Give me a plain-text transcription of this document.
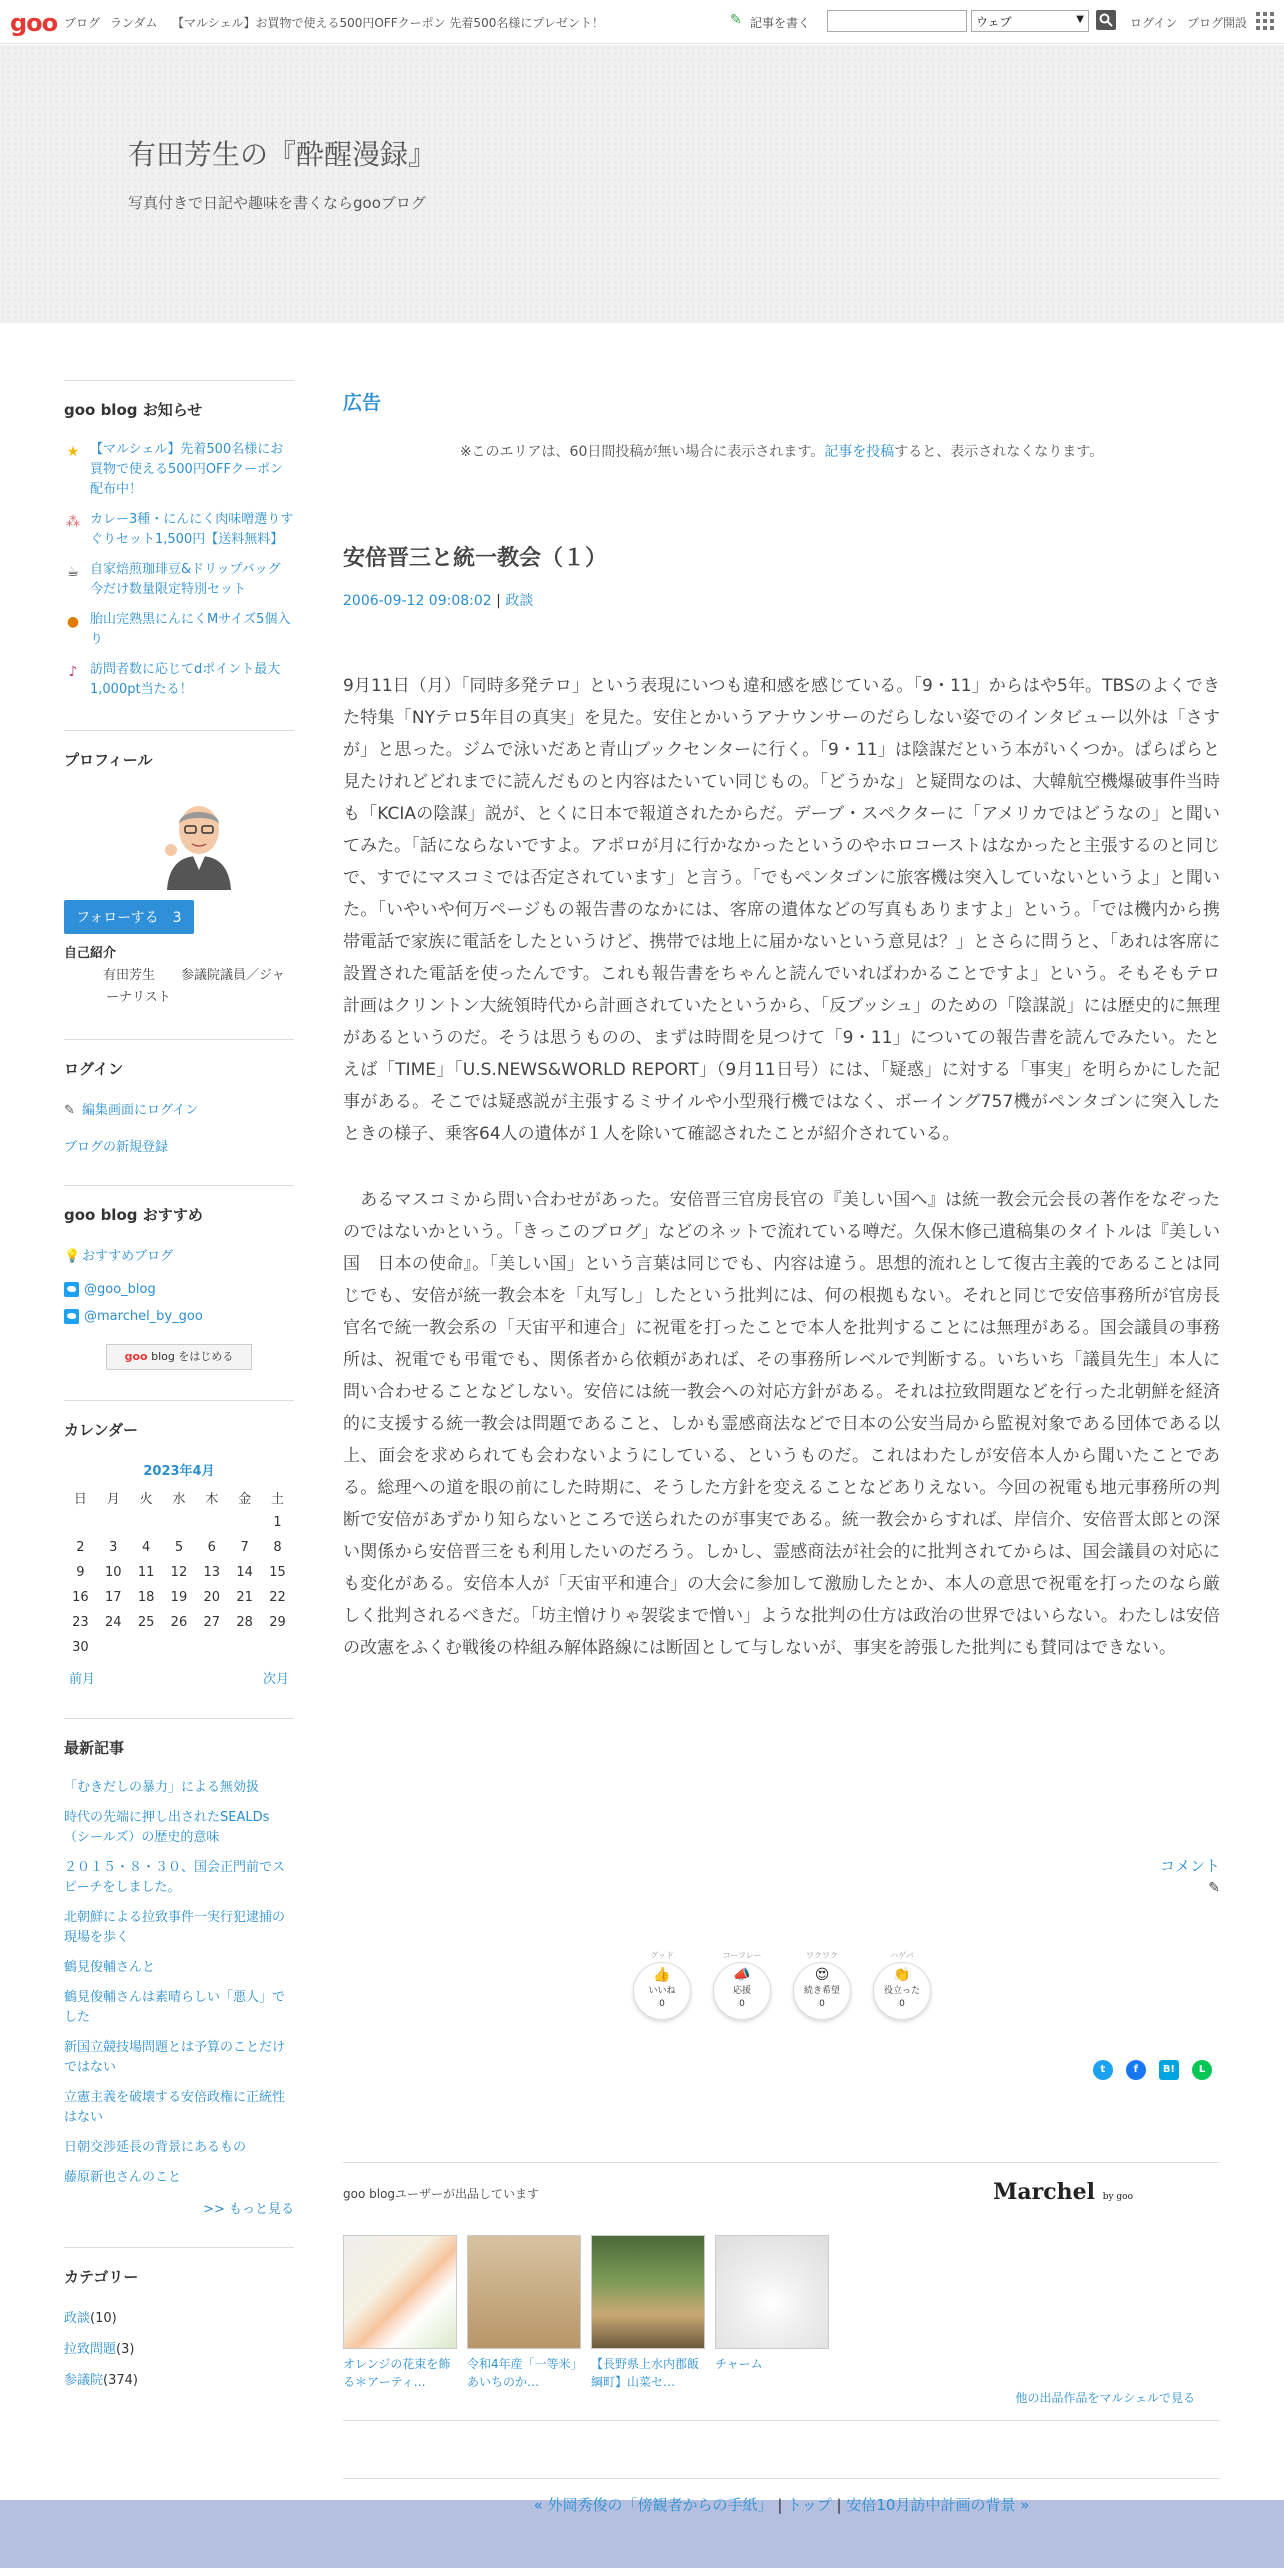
goo ブログ ランダム 【マルシェル】お買物で使える500円OFFクーポン 先着500名様にプレゼント！	✎ 記事を書く	ウェブ	▼	ログイン ブログ開設
有田芳生の『酔醒漫録』
写真付きで日記や趣味を書くならgooブログ
goo blog お知らせ
★ 【マルシェル】先着500名様にお買物で使える500円OFFクーポン配布中！
⁂ カレー3種・にんにく肉味噌選りすぐりセット1,500円【送料無料】
☕ 自家焙煎珈琲豆&ドリップバッグ　今だけ数量限定特別セット
● 胎山完熟黒にんにくMサイズ5個入り
♪ 訪問者数に応じてdポイント最大1,000pt当たる！
プロフィール
フォローする　 3
自己紹介
　　　有田芳生　　参議院議員／ジャーナリスト
ログイン
✎ 編集画面にログイン
ブログの新規登録
goo blog おすすめ
💡 おすすめブログ
@goo_blog
@marchel_by_goo
goo blog をはじめる
カレンダー
2023年4月
日	月	火	水	木	金	土
						1
2	3	4	5	6	7	8
9	10	11	12	13	14	15
16	17	18	19	20	21	22
23	24	25	26	27	28	29
30						
前月	次月
最新記事
「むきだしの暴力」による無効扱
時代の先端に押し出されたSEALDs（シールズ）の歴史的意味
２０１５・８・３０、国会正門前でスピーチをしました。
北朝鮮による拉致事件一実行犯逮捕の現場を歩く
鶴見俊輔さんと
鶴見俊輔さんは素晴らしい「悪人」でした
新国立競技場問題とは予算のことだけではない
立憲主義を破壊する安倍政権に正統性はない
日朝交渉延長の背景にあるもの
藤原新也さんのこと
>> もっと見る
カテゴリー
政談(10)
拉致問題(3)
参議院(374)
広告
※このエリアは、60日間投稿が無い場合に表示されます。記事を投稿すると、表示されなくなります。
安倍晋三と統一教会（１）
2006-09-12 09:08:02 | 政談
9月11日（月）「同時多発テロ」という表現にいつも違和感を感じている。「9・11」からはや5年。TBSのよくできた特集「NYテロ5年目の真実」を見た。安住とかいうアナウンサーのだらしない姿でのインタビュー以外は「さすが」と思った。ジムで泳いだあと青山ブックセンターに行く。「9・11」は陰謀だという本がいくつか。ぱらぱらと見たけれどどれまでに読んだものと内容はたいてい同じもの。「どうかな」と疑問なのは、大韓航空機爆破事件当時も「KCIAの陰謀」説が、とくに日本で報道されたからだ。デーブ・スペクターに「アメリカではどうなの」と聞いてみた。「話にならないですよ。アポロが月に行かなかったというのやホロコーストはなかったと主張するのと同じで、すでにマスコミでは否定されています」と言う。「でもペンタゴンに旅客機は突入していないというよ」と聞いた。「いやいや何万ページもの報告書のなかには、客席の遺体などの写真もありますよ」という。「では機内から携帯電話で家族に電話をしたというけど、携帯では地上に届かないという意見は？」とさらに問うと、「あれは客席に設置された電話を使ったんです。これも報告書をちゃんと読んでいればわかることですよ」という。そもそもテロ計画はクリントン大統領時代から計画されていたというから、「反ブッシュ」のための「陰謀説」には歴史的に無理があるというのだ。そうは思うものの、まずは時間を見つけて「9・11」についての報告書を読んでみたい。たとえば「TIME」「U.S.NEWS&WORLD REPORT」（9月11日号）には、「疑惑」に対する「事実」を明らかにした記事がある。そこでは疑惑説が主張するミサイルや小型飛行機ではなく、ボーイング757機がペンタゴンに突入したときの様子、乗客64人の遺体が１人を除いて確認されたことが紹介されている。
　あるマスコミから問い合わせがあった。安倍晋三官房長官の『美しい国へ』は統一教会元会長の著作をなぞったのではないかという。「きっこのブログ」などのネットで流れている噂だ。久保木修己遺稿集のタイトルは『美しい国　日本の使命』。「美しい国」という言葉は同じでも、内容は違う。思想的流れとして復古主義的であることは同じでも、安倍が統一教会本を「丸写し」したという批判には、何の根拠もない。それと同じで安倍事務所が官房長官名で統一教会系の「天宙平和連合」に祝電を打ったことで本人を批判することには無理がある。国会議員の事務所は、祝電でも弔電でも、関係者から依頼があれば、その事務所レベルで判断する。いちいち「議員先生」本人に問い合わせることなどしない。安倍には統一教会への対応方針がある。それは拉致問題などを行った北朝鮮を経済的に支援する統一教会は問題であること、しかも霊感商法などで日本の公安当局から監視対象である団体である以上、面会を求められても会わないようにしている、というものだ。これはわたしが安倍本人から聞いたことである。総理への道を眼の前にした時期に、そうした方針を変えることなどありえない。今回の祝電も地元事務所の判断で安倍があずかり知らないところで送られたのが事実である。統一教会からすれば、岸信介、安倍晋太郎との深い関係から安倍晋三をも利用したいのだろう。しかし、霊感商法が社会的に批判されてからは、国会議員の対応にも変化がある。安倍本人が「天宙平和連合」の大会に参加して激励したとか、本人の意思で祝電を打ったのなら厳しく批判されるべきだ。「坊主憎けりゃ袈裟まで憎い」ような批判の仕方は政治の世界ではいらない。わたしは安倍の改憲をふくむ戦後の枠組み解体路線には断固として与しないが、事実を誇張した批判にも賛同はできない。
コメント
✎
グッド
👍
いいね
0
コーフレー
📣
応援
0
ワクワク
😍
続き希望
0
ハゲバ
👏
役立った
0
t	f B! L
goo blogユーザーが出品しています	Marchel by goo
オレンジの花束を飾る＊アーティ…
令和4年産「一等米」あいちのか…
【長野県上水内郡飯綱町】山菜セ…
チャーム
他の出品作品をマルシェルで見る
« 外岡秀俊の「傍観者からの手紙」 | トップ | 安倍10月訪中計画の背景 »
